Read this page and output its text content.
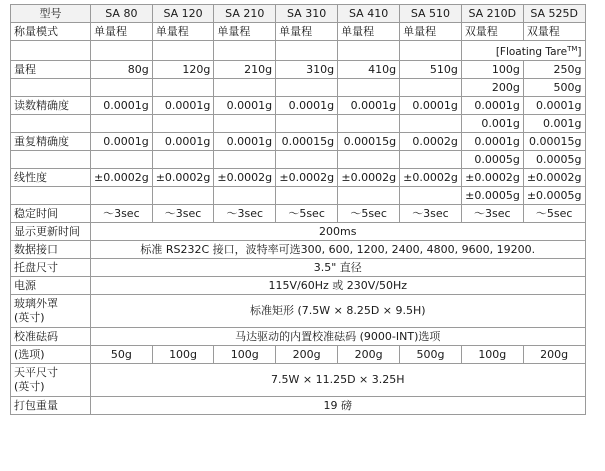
型号	SA 80	SA 120	SA 210	SA 310	SA 410	SA 510	SA 210D	SA 525D
称量模式	单量程	单量程	单量程	单量程	单量程	单量程	双量程	双量程
							[Floating Tare™]	
量程	80g	120g	210g	310g	410g	510g	100g	250g
							200g	500g
读数精确度	0.0001g	0.0001g	0.0001g	0.0001g	0.0001g	0.0001g	0.0001g	0.0001g
							0.001g	0.001g
重复精确度	0.0001g	0.0001g	0.0001g	0.00015g	0.00015g	0.0002g	0.0001g	0.00015g
							0.0005g	0.0005g
线性度	±0.0002g	±0.0002g	±0.0002g	±0.0002g	±0.0002g	±0.0002g	±0.0002g	±0.0002g
							±0.0005g	±0.0005g
稳定时间	～3sec	～3sec	～3sec	～5sec	～5sec	～3sec	～3sec	～5sec
显示更新时间	200ms							
数据接口	标准 RS232C 接口，波特率可选300, 600, 1200, 2400, 4800, 9600, 19200.							
托盘尺寸	3.5" 直径							
电源	115V/60Hz 或 230V/50Hz							

玻璃外罩
(英寸)	标准矩形 (7.5W × 8.25D × 9.5H)							
校准砝码	马达驱动的内置校准砝码 (9000-INT)选项							
(选项)	50g	100g	100g	200g	200g	500g	100g	200g

天平尺寸
(英寸)	7.5W × 11.25D × 3.25H							
打包重量	19 磅							
